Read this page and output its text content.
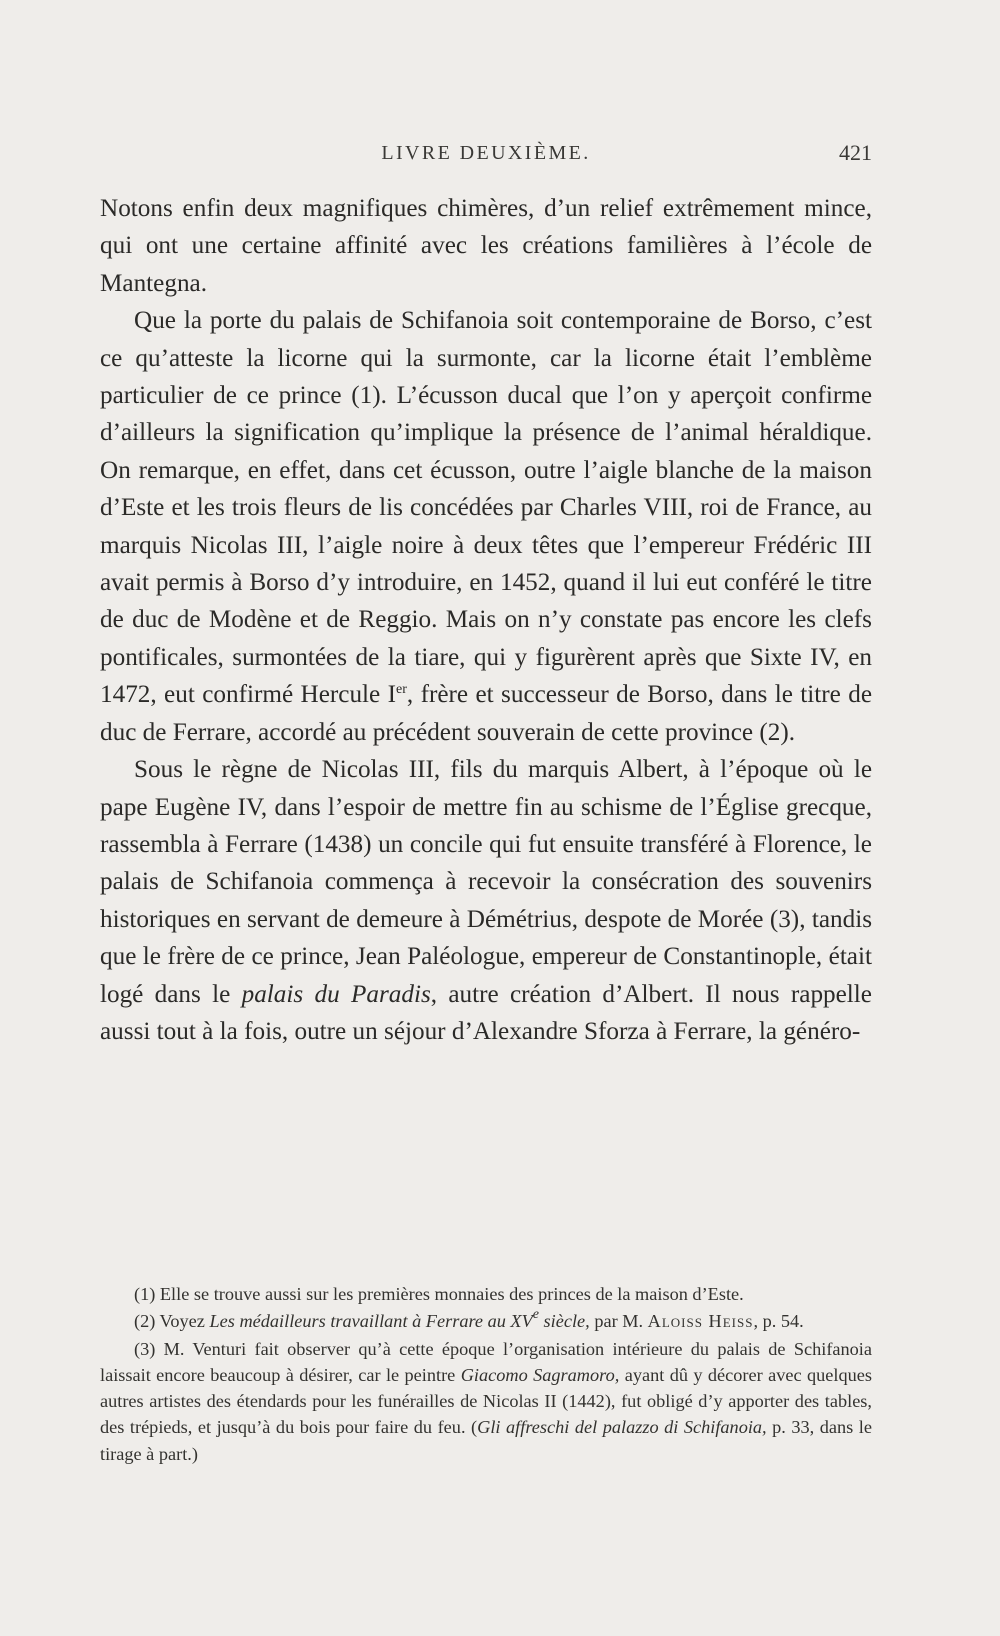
LIVRE DEUXIÈME.	421

Notons enfin deux magnifiques chimères, d’un relief extrêmement mince, qui ont une certaine affinité avec les créations familières à l’école de Mantegna.

Que la porte du palais de Schifanoia soit contemporaine de Borso, c’est ce qu’atteste la licorne qui la surmonte, car la licorne était l’emblème particulier de ce prince (1). L’écusson ducal que l’on y aperçoit confirme d’ailleurs la signification qu’implique la présence de l’animal héraldique. On remarque, en effet, dans cet écusson, outre l’aigle blanche de la maison d’Este et les trois fleurs de lis concédées par Charles VIII, roi de France, au marquis Nicolas III, l’aigle noire à deux têtes que l’empereur Frédéric III avait permis à Borso d’y introduire, en 1452, quand il lui eut conféré le titre de duc de Modène et de Reggio. Mais on n’y constate pas encore les clefs pontificales, surmontées de la tiare, qui y figurèrent après que Sixte IV, en 1472, eut confirmé Hercule Ier, frère et successeur de Borso, dans le titre de duc de Ferrare, accordé au précédent souverain de cette province (2).

Sous le règne de Nicolas III, fils du marquis Albert, à l’époque où le pape Eugène IV, dans l’espoir de mettre fin au schisme de l’Église grecque, rassembla à Ferrare (1438) un concile qui fut ensuite transféré à Florence, le palais de Schifanoia commença à recevoir la consécration des souvenirs historiques en servant de demeure à Démétrius, despote de Morée (3), tandis que le frère de ce prince, Jean Paléologue, empereur de Constantinople, était logé dans le palais du Paradis, autre création d’Albert. Il nous rappelle aussi tout à la fois, outre un séjour d’Alexandre Sforza à Ferrare, la généro-

(1) Elle se trouve aussi sur les premières monnaies des princes de la maison d’Este.

(2) Voyez Les médailleurs travaillant à Ferrare au XVe siècle, par M. Aloiss Heiss, p. 54.

(3) M. Venturi fait observer qu’à cette époque l’organisation intérieure du palais de Schifanoia laissait encore beaucoup à désirer, car le peintre Giacomo Sagramoro, ayant dû y décorer avec quelques autres artistes des étendards pour les funérailles de Nicolas II (1442), fut obligé d’y apporter des tables, des trépieds, et jusqu’à du bois pour faire du feu. (Gli affreschi del palazzo di Schifanoia, p. 33, dans le tirage à part.)
